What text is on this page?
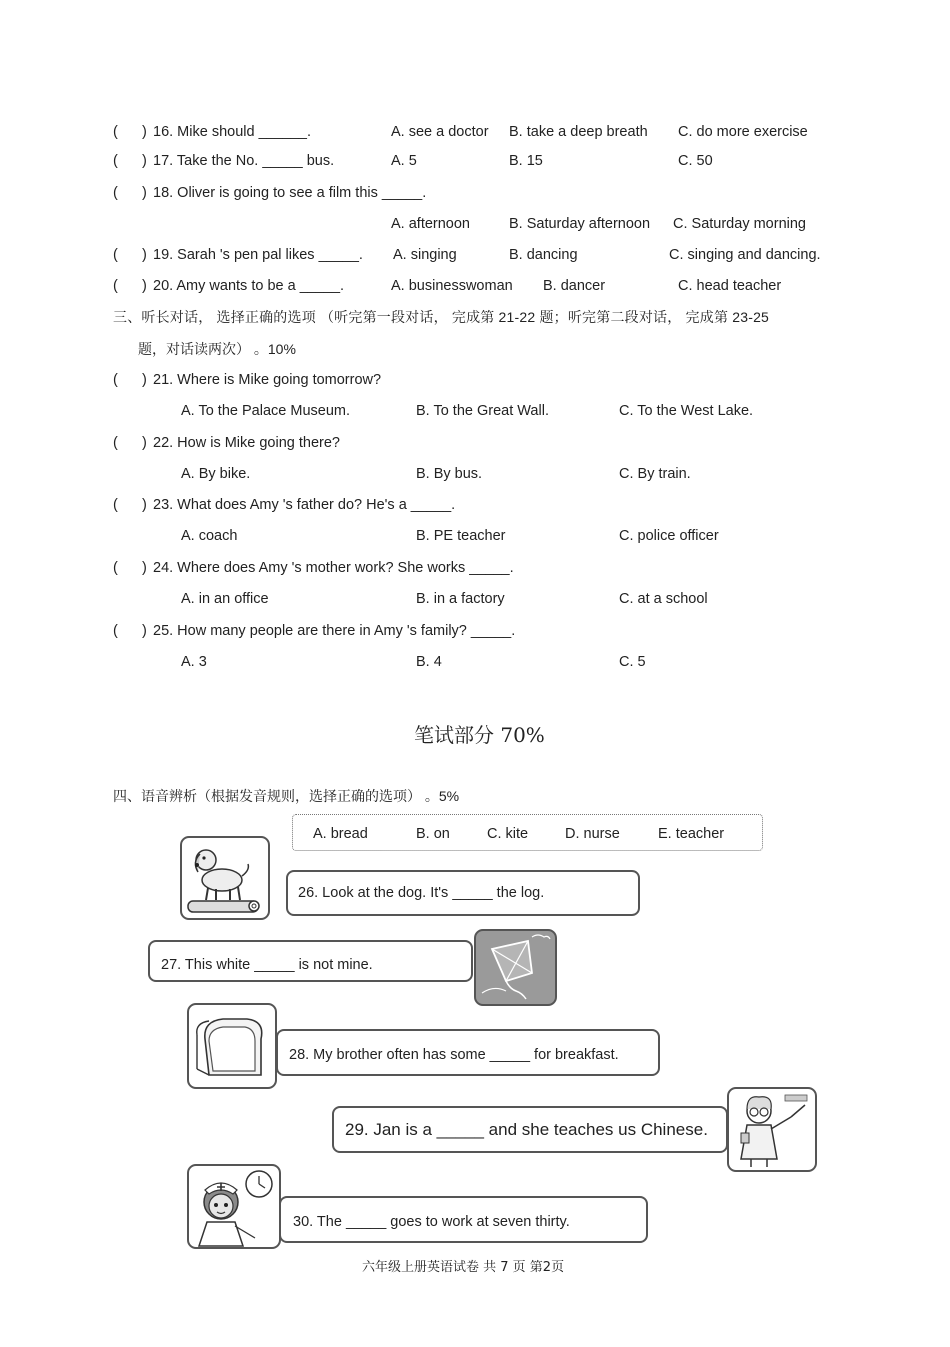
( ) 16. Mike should ______.	A. see a doctor B. take a deep breath C. do more exercise
( ) 17. Take the No. _____ bus.	A. 5	B. 15	C. 50
( ) 18. Oliver is going to see a film this _____.
A. afternoon	B. Saturday afternoon C. Saturday morning
( ) 19. Sarah 's pen pal likes _____. A. singing	B. dancing	C. singing and dancing.
( ) 20. Amy wants to be a _____.	A. businesswoman B. dancer	C. head teacher
三、听长对话， 选择正确的选项 （听完第一段对话， 完成第 21-22 题；听完第二段对话， 完成第 23-25
题，对话读两次） 。10%
( ) 21. Where is Mike going tomorrow?
A. To the Palace Museum.	B. To the Great Wall.	C. To the West Lake.
( ) 22. How is Mike going there?
A. By bike.	B. By bus.	C. By train.
( ) 23. What does Amy 's father do? He's a _____.
A. coach	B. PE teacher	C. police officer
( ) 24. Where does Amy 's mother work? She works _____.
A. in an office	B. in a factory	C. at a school
( ) 25. How many people are there in Amy 's family? _____.
A. 3	B. 4	C. 5
笔试部分 70%
四、语音辨析（根据发音规则，选择正确的选项） 。5%
A. bread	B. on	C. kite	D. nurse	E. teacher
26. Look at the dog. It's _____ the log.
27. This white _____ is not mine.
28. My brother often has some _____ for breakfast.
29. Jan is a _____ and she teaches us Chinese.
30. The _____ goes to work at seven thirty.
六年级上册英语试卷 共 7 页 第2页
